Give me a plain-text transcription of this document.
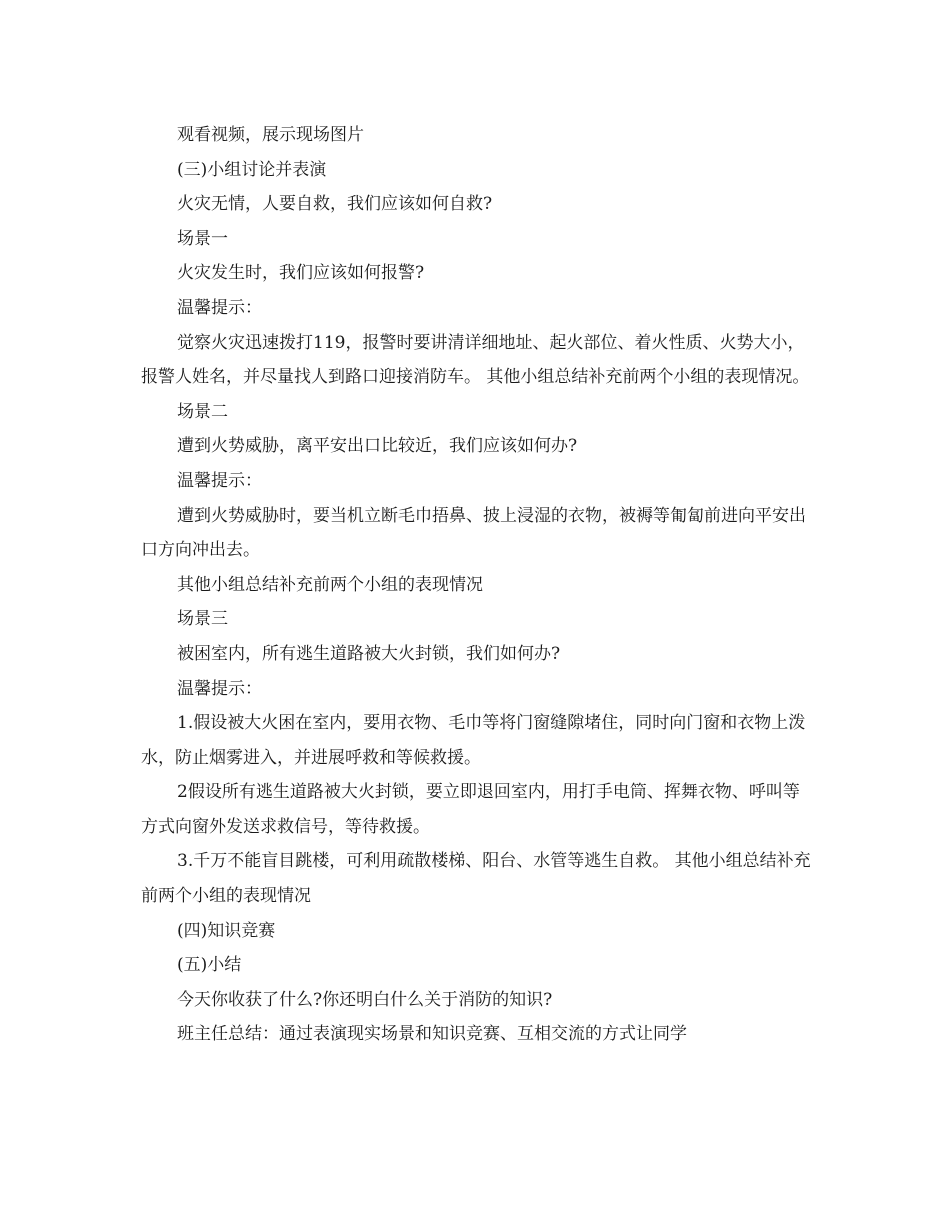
观看视频，展示现场图片

(三)小组讨论并表演

火灾无情，人要自救，我们应该如何自救?

场景一

火灾发生时，我们应该如何报警?

温馨提示：

觉察火灾迅速拨打119，报警时要讲清详细地址、起火部位、着火性质、火势大小，报警人姓名，并尽量找人到路口迎接消防车。 其他小组总结补充前两个小组的表现情况。

场景二

遭到火势威胁，离平安出口比较近，我们应该如何办?

温馨提示：

遭到火势威胁时，要当机立断毛巾捂鼻、披上浸湿的衣物，被褥等匍匐前进向平安出口方向冲出去。

其他小组总结补充前两个小组的表现情况

场景三

被困室内，所有逃生道路被大火封锁，我们如何办?

温馨提示：

1.假设被大火困在室内，要用衣物、毛巾等将门窗缝隙堵住，同时向门窗和衣物上泼水，防止烟雾进入，并进展呼救和等候救援。

2假设所有逃生道路被大火封锁，要立即退回室内，用打手电筒、挥舞衣物、呼叫等方式向窗外发送求救信号，等待救援。

3.千万不能盲目跳楼，可利用疏散楼梯、阳台、水管等逃生自救。 其他小组总结补充前两个小组的表现情况

(四)知识竞赛

(五)小结

今天你收获了什么?你还明白什么关于消防的知识?

班主任总结：通过表演现实场景和知识竞赛、互相交流的方式让同学
